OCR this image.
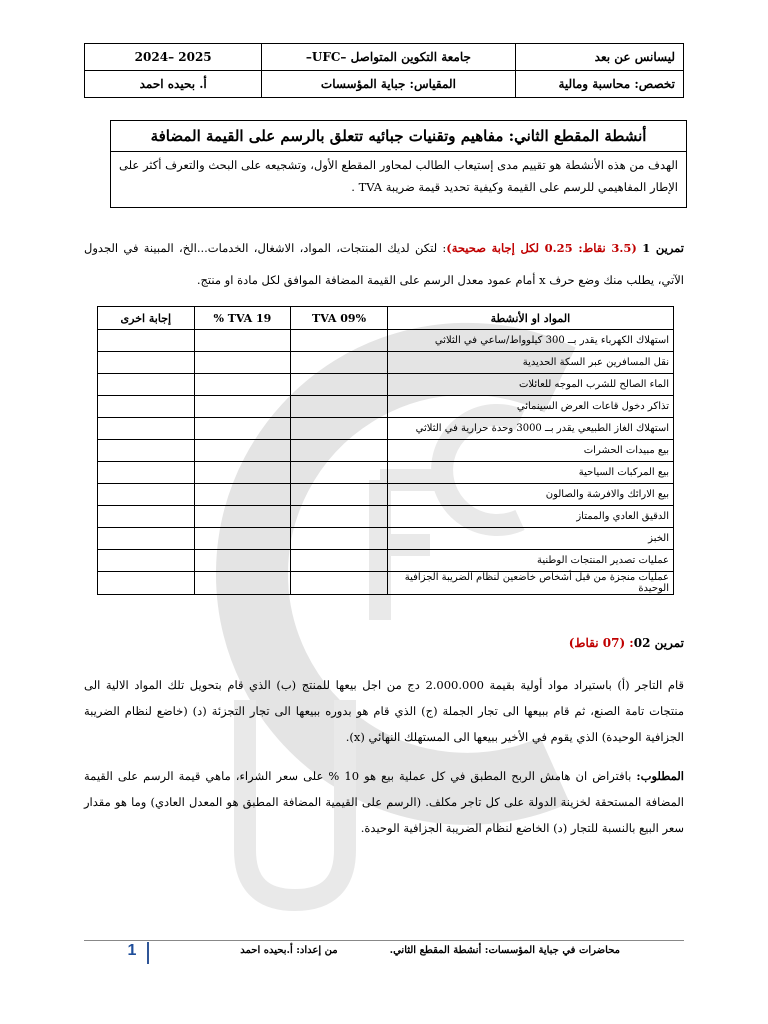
ليسانس عن بعد	جامعة التكوين المتواصل –UFC–	2025 –2024
تخصص: محاسبة ومالية	المقياس: جباية المؤسسات	أ. بحيده احمد
أنشطة المقطع الثاني: مفاهيم وتقنيات جبائيه تتعلق بالرسم على القيمة المضافة
الهدف من هذه الأنشطة هو تقييم مدى إستيعاب الطالب لمحاور المقطع الأول، وتشجيعه على البحث والتعرف أكثر على الإطار المفاهيمي للرسم على القيمة وكيفية تحديد قيمة ضريبة TVA .
تمرين 1 (3.5 نقاط: 0.25 لكل إجابة صحيحة): لتكن لديك المنتجات، المواد، الاشغال، الخدمات...الخ، المبينة في الجدول الآتي، يطلب منك وضع حرف x أمام عمود معدل الرسم على القيمة المضافة الموافق لكل مادة او منتج.
المواد او الأنشطة	TVA 09%	TVA 19 %	إجابة اخرى
استهلاك الكهرباء يقدر بــ 300 كيلوواط/ساعي في الثلاثي			
نقل المسافرين عبر السكة الحديدية			
الماء الصالح للشرب الموجه للعائلات			
تذاكر دخول قاعات العرض السينمائي			
استهلاك الغاز الطبيعي يقدر بــ 3000 وحدة حرارية في الثلاثي			
بيع مبيدات الحشرات			
بيع المركبات السياحية			
بيع الارائك والافرشة والصالون			
الدقيق العادي والممتاز			
الخبز			
عمليات تصدير المنتجات الوطنية			
عمليات منجزة من قبل أشخاص خاضعين لنظام الضريبة الجزافية الوحيدة			
تمرين 02: (07 نقاط)
قام التاجر (أ) باستيراد مواد أولية بقيمة 2.000.000 دج من اجل بيعها للمنتج (ب) الذي قام بتحويل تلك المواد الالية الى منتجات تامة الصنع، ثم قام ببيعها الى تجار الجملة (ج) الذي قام هو بدوره ببيعها الى تجار التجزئة (د) (خاضع لنظام الضريبة الجزافية الوحيدة) الذي يقوم في الأخير ببيعها الى المستهلك النهائي (x).
المطلوب: بافتراض ان هامش الربح المطبق في كل عملية بيع هو 10 % على سعر الشراء، ماهي قيمة الرسم على القيمة المضافة المستحقة لخزينة الدولة على كل تاجر مكلف. (الرسم على القيمية المضافة المطبق هو المعدل العادي) وما هو مقدار سعر البيع بالنسبة للتجار (د) الخاضع لنظام الضريبة الجزافية الوحيدة.
محاضرات في جباية المؤسسات: أنشطة المقطع الثاني.من إعداد: أ.بحيده احمد
1
